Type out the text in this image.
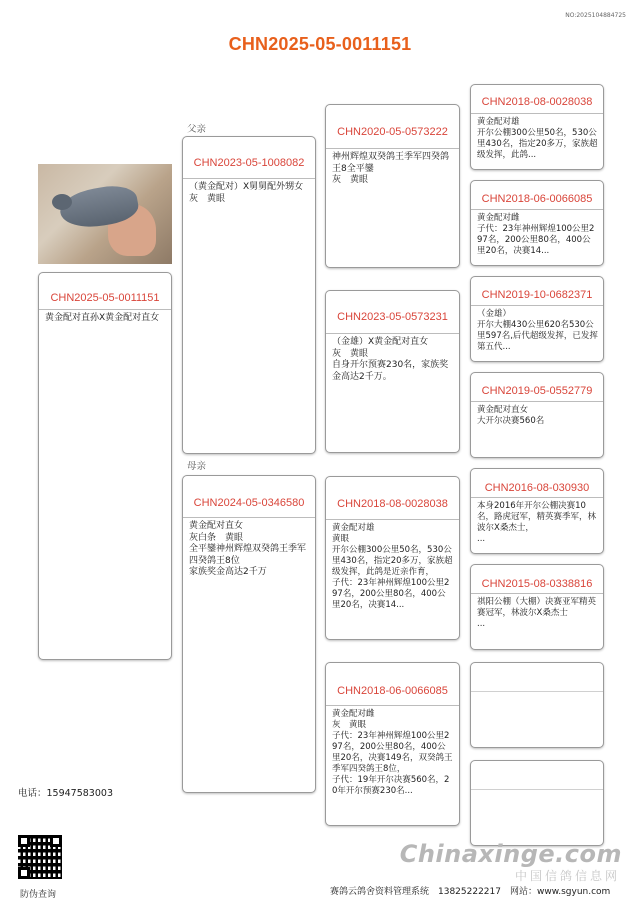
NO:2025104884725
CHN2025-05-0011151
CHN2025-05-0011151
黄金配对直孙X黄金配对直女
父亲
母亲
CHN2023-05-1008082
（黄金配对）X舅舅配外甥女
灰　黄眼
CHN2024-05-0346580
黄金配对直女
灰白条　黄眼
全平鑾神州辉煌双癸鸽王季军四癸鸽王8位
家族奖金高达2千万
CHN2020-05-0573222
神州辉煌双癸鸽王季军四癸鸽王8全平鑾
灰　黄眼
CHN2023-05-0573231
（金雄）X黄金配对直女
灰　黄眼
自身开尔预赛230名，家族奖金高达2千万。
CHN2018-08-0028038
黄金配对雄
黄眼
开尔公棚300公里50名，530公里430名，指定20多万，家族超级发挥，此鸽是近亲作育，
子代：23年神州辉煌100公里297名，200公里80名，400公里20名，决赛14...
CHN2018-06-0066085
黄金配对雌
灰　黄眼
子代：23年神州辉煌100公里297名，200公里80名，400公里20名，决赛149名，双癸鸽王季军四癸鸽王8位，
子代：19年开尔决赛560名，20年开尔预赛230名...
CHN2018-08-0028038
黄金配对雄
开尔公棚300公里50名，530公里430名，指定20多万，家族超级发挥，此鸽...
CHN2018-06-0066085
黄金配对雌
子代：23年神州辉煌100公里297名，200公里80名，400公里20名，决赛14...
CHN2019-10-0682371
（金雄）
开尔大棚430公里620名530公里597名,后代超级发挥，已发挥第五代...
CHN2019-05-0552779
黄金配对直女
大开尔决赛560名
CHN2016-08-030930
本身2016年开尔公棚决赛10名，路虎冠军，精英赛季军，林波尔X桑杰士，
...
CHN2015-08-0338816
祺阳公棚（大棚）决赛亚军精英赛冠军，林波尔X桑杰士
...
电话：15947583003
防伪查询
Chinaxinge.com
中国信鸽信息网
赛鸽云鸽舍资料管理系统　13825222217　网站：www.sgyun.com
